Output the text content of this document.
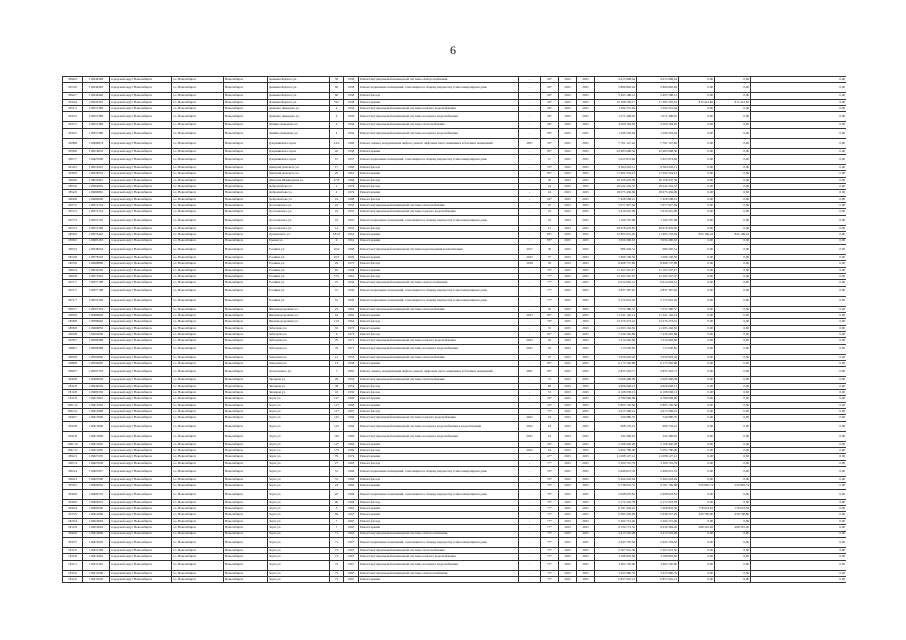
6
1896/2	118544398	городской округ Новосибирск	г.о. Новосибирск	Новосибирск	Демьяна Бедного ул.	58	1958	Ремонт внутридомовой инженерной системы электроснабжения	-	26*	2025	2025	4 615 908,44	4 615 908,44	0,00	0,00	0,00
1874/0	118544383	городской округ Новосибирск	г.о. Новосибирск	Новосибирск	Демьяна Бедного ул.	60	1958	Ремонт подвальных помещений, относящихся к общему имуществу в многоквартирном доме	-	26*	2025	2025	2 866 892,04	2 866 892,04	0,00	0,00	0,00
1894/7	118544406	городской округ Новосибирск	г.о. Новосибирск	Новосибирск	Демьяна Бедного ул.	60	1958	Ремонт фасада	-	26*	2025	2025	5 493 188,12	5 493 188,12	0,00	0,00	0,00
1834/4	118545322	городской округ Новосибирск	г.о. Новосибирск	Новосибирск	Демьяна Бедного ул.	54а	1958	Ремонт крыши	-	26*	2025	2025	12 198 783,17	11 385 370,35	813 412,82	813 412,82	0,00
1851/2	118257386	городской округ Новосибирск	г.о. Новосибирск	Новосибирск	Демьяна Давыдова ул.	4	1956	Ремонт внутридомовой инженерной системы горячего водоснабжения	-	96*	2025	2025	1 394 331,04	1 394 331,04	0,00	0,00	0,00
1835/2	118257386	городской округ Новосибирск	г.о. Новосибирск	Новосибирск	Демьяна Давыдова ул.	4	1956	Ремонт внутридомовой инженерной системы холодного водоснабжения	-	96*	2025	2025	1 071 498,45	1 071 498,45	0,00	0,00	0,00
1837/5	118257386	городской округ Новосибирск	г.о. Новосибирск	Новосибирск	Дёмина Давыдова ул.	4	1956	Ремонт внутридомовой инженерной системы теплоснабжения	-	96*	2025	2025	4 509 184,95	4 509 184,95	0,00	0,00	0,00
1832/5	118257386	городской округ Новосибирск	г.о. Новосибирск	Новосибирск	Дёмина Давыдова ул.	4	1956	Ремонт внутридомовой инженерной системы холодного водоснабжения	-	96*	2025	2025	1 296 563,04	1 296 563,04	0,00	0,00	0,00
1908/8	118498974	городской округ Новосибирск	г.о. Новосибирск	Новосибирск	Дзержинского пр-кт	14/2	1960	Ремонт, замена, модернизация лифтов, ремонт лифтовых шахт, машинных и блочных помещений	2037	35*	2025	2025	7 701 127,42	7 701 127,42	0,00	0,00	0,00
1858/6	118519033	городской округ Новосибирск	г.о. Новосибирск	Новосибирск	Дзержинского пр-кт	42	1958	Ремонт крыши	-	83*	2025	2025	22 983 668,36	22 983 668,36	0,00	0,00	0,00
1807/7	118427099	городской округ Новосибирск	г.о. Новосибирск	Новосибирск	Дзержинского пр-кт	67	1957	Ремонт подвальных помещений, относящихся к общему имуществу в многоквартирном доме	-	4*	2025	2025	5 625 874,66	5 625 874,66	0,00	0,00	0,00
1819/2	118519261	городской округ Новосибирск	г.о. Новосибирск	Новосибирск	Дмитрия Донского ул.	17	1960	Ремонт фасада	-	76*	2025	2025	9 594 205,11	9 594 205,11	0,00	0,00	0,00
1838/9	118528552	городской округ Новосибирск	г.о. Новосибирск	Новосибирск	Дмитрия Донского ул.	26	1961	Ремонт крыши	-	83*	2025	2025	11 092 354,23	11 092 354,23	0,00	0,00	0,00
1806/6	118626391	городской округ Новосибирск	г.о. Новосибирск	Новосибирск	Дмитрия Шамшурина ул.	47/8	1968	Ремонт фасада	-	58	2023	2025	18 109 470,39	18 109 470,39	0,00	0,00	0,00
1805/6	118262602	городской округ Новосибирск	г.о. Новосибирск	Новосибирск	Добролюбова ул.	2	1974	Ремонт фасада	-	24	2022	2025	18 242 232,37	18 242 232,37	0,00	0,00	0,00
1852/6	118486891	городской округ Новосибирск	г.о. Новосибирск	Новосибирск	Добролюбова ул.	2	1974	Ремонт крыши	-	24	2023	2025	18 075 456,09	18 075 456,09	0,00	0,00	0,00
1806/8	118480000	городской округ Новосибирск	г.о. Новосибирск	Новосибирск	Добролюбова ул.	16	1968	Ремонт фасада	-	26*	2025	2025	7 428 508,21	7 428 508,21	0,00	0,00	0,00
1827/5	118572154	городской округ Новосибирск	г.о. Новосибирск	Новосибирск	Достоевского ул.	16	1955	Ремонт внутридомовой инженерной системы теплоснабжения	-	25	2023	2025	5 977 927,94	5 977 927,94	0,00	0,00	0,00
1872/3	118572154	городской округ Новосибирск	г.о. Новосибирск	Новосибирск	Достоевского ул.	16	1955	Ремонт внутридомовой инженерной системы горячего водоснабжения	-	25	2023	2025	5 616 625,09	5 616 625,09	0,00	0,00	0,00
1877/3	118572155	городской округ Новосибирск	г.о. Новосибирск	Новосибирск	Достоевского ул.	16	1955	Ремонт подвальных помещений, относящихся к общему имуществу в многоквартирном доме	-	25	2023	2025	1 169 797,98	1 169 797,98	0,00	0,00	0,00
1872/3	118572180	городской округ Новосибирск	г.о. Новосибирск	Новосибирск	Достоевского ул.	14	1955	Ремонт фасада	-	21	2023	2025	28 678 476,95	28 678 476,95	0,00	0,00	0,00
1859/6	118574442	городской округ Новосибирск	г.о. Новосибирск	Новосибирск	Дунаевского ул.	18/10	1961	Ремонт крыши	-	83*	2025	2025	12 805 931,02	11 995 732,04	824 199,24	824 199,24	0,00
1808/2	118483181	городской округ Новосибирск	г.о. Новосибирск	Новосибирск	Ереван ул.	9	1961	Ремонт крыши	-	83*	2025	2025	3 056 390,63	3 056 390,63	0,00	0,00	0,00
1805/4	118548234	городской округ Новосибирск	г.о. Новосибирск	Новосибирск	Есенина ул.	16/2	1968	Ремонт внутридомовой инженерной системы водоотведения и канализации	2017	30	2022	2025	986 326,51	986 326,51	0,00	0,00	0,00
1872/8	118578243	городской округ Новосибирск	г.о. Новосибирск	Новосибирск	Есенина ул.	16/3	2000	Ремонт крыши	2025	3*	2025	2025	1 999 158,50	1 999 158,50	0,00	0,00	0,00
1863/6	118498869	городской округ Новосибирск	г.о. Новосибирск	Новосибирск	Есенина ул.	29	1975	Ремонт фасада	2038	59	2025	2025	8 668 737,99	8 668 737,99	0,00	0,00	0,00
1882/4	118636102	городской округ Новосибирск	г.о. Новосибирск	Новосибирск	Есенина ул.	65	1966	Ремонт крыши	-	76*	2025	2025	11 163 347,97	11 163 347,97	0,00	0,00	0,00
1862/8	118577662	городской округ Новосибирск	г.о. Новосибирск	Новосибирск	Есенина ул.	53/1	1961	Ремонт фасада	-	77*	2025	2025	12 593 347,07	12 593 347,07	0,00	0,00	0,00
1871/7	118577198	городской округ Новосибирск	г.о. Новосибирск	Новосибирск	Есенина ул.	25	1959	Ремонт внутридомовой инженерной системы электроснабжения	-	77*	2025	2025	6 914 063,12	6 914 063,12	0,00	0,00	0,00
1871/7	118577198	городской округ Новосибирск	г.о. Новосибирск	Новосибирск	Есенина ул.	57	1959	Ремонт подвальных помещений, относящихся к общему имуществу в многоквартирном доме	-	77*	2025	2025	2 837 397,62	2 837 397,62	0,00	0,00	0,00
1871/7	118574196	городской округ Новосибирск	г.о. Новосибирск	Новосибирск	Есенина ул.	57	1959	Ремонт подвальных помещений, относящихся к общему имуществу в многоквартирном доме	-	77*	2025	2025	5 172 616,45	5 172 616,45	0,00	0,00	0,00
1893/7	118567334	городской округ Новосибирск	г.о. Новосибирск	Новосибирск	Железнодорожная ул.	24	1962	Ремонт внутридомовой инженерной системы теплоснабжения	-	26	2025	2025	7 072 380,57	7 072 380,57	0,00	0,00	0,00
1809/9	118480904	городской округ Новосибирск	г.о. Новосибирск	Новосибирск	Железнодорожная ул.	16	1962	Ремонт крыши	2023	83*	2025	2025	11 541 102,14	11 541 102,14	0,00	0,00	0,00
1808/8	118386062	городской округ Новосибирск	г.о. Новосибирск	Новосибирск	Железнодорожная ул.	11/2	1964	Ремонт фасада	-	76*	2025	2025	13 276 273,41	13 276 273,41	0,00	0,00	0,00
1808/8	118490659	городской округ Новосибирск	г.о. Новосибирск	Новосибирск	Забалуева ул.	33	1974	Ремонт крыши	-	55	2025	2025	11 093 162,36	11 093 162,36	0,00	0,00	0,00
1806/8	118502000	городской округ Новосибирск	г.о. Новосибирск	Новосибирск	Забалуева ул.	6	1973	Ремонт фасада	-	81*	2025	2025	7 236 265,89	7 236 265,89	0,00	0,00	0,00
1878/7	118589588	городской округ Новосибирск	г.о. Новосибирск	Новосибирск	Забалуева ул.	79	1971	Ремонт внутридомовой инженерной системы горячего водоснабжения	2022	26	2023	2025	1 314 092,60	1 314 092,60	0,00	0,00	0,00
1888/7	118589588	городской округ Новосибирск	г.о. Новосибирск	Новосибирск	Забалуева ул.	79	1971	Ремонт внутридомовой инженерной системы холодного водоснабжения	2022	26	2023	2025	713 630,85	713 630,85	0,00	0,00	0,00
1809/9	118590966	городской округ Новосибирск	г.о. Новосибирск	Новосибирск	Заводская ул.	12	1953	Ремонт внутридомовой инженерной системы теплоснабжения	-	25	2023	2025	3 659 093,43	3 659 093,43	0,00	0,00	0,00
1888/8	118594685	городской округ Новосибирск	г.о. Новосибирск	Новосибирск	Заводская ул.	13	1958	Ремонт крыши	-	83*	2025	2025	6 175 562,98	6 175 562,98	0,00	0,00	0,00
1899/7	118597718	городской округ Новосибирск	г.о. Новосибирск	Новосибирск	Золотовского ул.	7	1965	Ремонт, замена, модернизация лифтов, ремонт лифтовых шахт, машинных и блочных помещений	2001	83*	2025	2025	2 855 563,71	2 855 563,71	0,00	0,00	0,00
1849/8	118480094	городской округ Новосибирск	г.о. Новосибирск	Новосибирск	Звездная ул.	28	1954	Ремонт внутридомовой инженерной системы теплоснабжения	-	75	2023	2025	2 006 498,09	2 006 498,09	0,00	0,00	0,00
1841/8	118434003	городской округ Новосибирск	г.о. Новосибирск	Новосибирск	Звездная ул.	38	1954	Ремонт фасада	-	80	2023	2025	4 906 048,13	4 906 048,13	0,00	0,00	0,00
1810/8	118480156	городской округ Новосибирск	г.о. Новосибирск	Новосибирск	Звездная ул.	43	1959	Ремонт фасада	-	53	2023	2025	6 108 038,13	6 108 038,13	0,00	0,00	0,00
1811/8	118413916	городской округ Новосибирск	г.о. Новосибирск	Новосибирск	Зорге ул.	127	1960	Ремонт крыши	-	26*	2025	2025	4 789 669,99	4 789 669,99	0,00	0,00	0,00
1841/12	118415202	городской округ Новосибирск	г.о. Новосибирск	Новосибирск	Зорге ул.	113	1968	Ремонт крыши	-	26*	2025	2025	6 805 156,60	6 805 156,60	0,00	0,00	0,00
1842/11	118414998	городской округ Новосибирск	г.о. Новосибирск	Новосибирск	Зорге ул.	117	1967	Ремонт фасада	-	75*	2025	2025	4 613 348,41	4 613 348,41	0,00	0,00	0,00
1846/7	118413906	городской округ Новосибирск	г.о. Новосибирск	Новосибирск	Зорге ул.	125	1966	Ремонт внутридомовой инженерной системы горячего водоснабжения	2022	24	2023	2025	540 080,76	540 080,76	0,00	0,00	0,00
1843/8	118413906	городской округ Новосибирск	г.о. Новосибирск	Новосибирск	Зорге ул.	125	1966	Ремонт внутридомовой инженерной системы холодного водоснабжения и водоотведения	2022	24	2023	2025	668 133,41	668 133,41	0,00	0,00	0,00
1841/8	118413909	городской округ Новосибирск	г.о. Новосибирск	Новосибирск	Зорге ул.	125	1966	Ремонт внутридомовой инженерной системы холодного водоснабжения	2022	24	2023	2025	342 469,81	342 469,81	0,00	0,00	0,00
1841/10	118413945	городской округ Новосибирск	г.о. Новосибирск	Новосибирск	Зорге ул.	127	1966	Ремонт крыши	-	26*	2025	2025	5 168 440,28	5 168 440,28	0,00	0,00	0,00
1841/11	118413205	городской округ Новосибирск	г.о. Новосибирск	Новосибирск	Зорге ул.	173	1969	Ремонт фасада	2022	24	2023	2025	5 002 780,00	5 002 780,00	0,00	0,00	0,00
1892/2	118407205	городской округ Новосибирск	г.о. Новосибирск	Новосибирск	Зорге ул.	79	1972	Ремонт крыши	-	47*	2025	2025	11 098 127,12	11 098 127,12	0,00	0,00	0,00
1807/4	118407630	городской округ Новосибирск	г.о. Новосибирск	Новосибирск	Зорге ул.	27	1965	Ремонт фасада	-	77*	2025	2025	5 300 701,79	5 300 701,79	0,00	0,00	0,00
1803/4	118407627	городской округ Новосибирск	г.о. Новосибирск	Новосибирск	Зорге ул.	31	1966	Ремонт подвальных помещений, относящихся к общему имуществу в многоквартирном доме	-	76*	2025	2025	2 699 615,33	2 699 615,33	0,00	0,00	0,00
1804/3	118407600	городской округ Новосибирск	г.о. Новосибирск	Новосибирск	Зорге ул.	31	1966	Ремонт фасада	-	76*	2025	2025	5 264 218,04	5 264 218,04	0,00	0,00	0,00
1850/5	118409562	городской округ Новосибирск	г.о. Новосибирск	Новосибирск	Зорге ул.	43	1966	Ремонт крыши	-	76*	2025	2025	9 738 632,72	9 181 766,98	556 865,74	556 865,74	0,00
1840/6	118409722	городской округ Новосибирск	г.о. Новосибирск	Новосибирск	Зорге ул.	45	1966	Ремонт подвальных помещений, относящихся к общему имуществу в многоквартирном доме	-	76*	2025	2025	2 698 618,81	2 698 618,81	0,00	0,00	0,00
1849/6	118409516	городской округ Новосибирск	г.о. Новосибирск	Новосибирск	Зорге ул.	49	1966	Ремонт фасада	-	76*	2025	2025	5 172 223,78	5 172 223,78	0,00	0,00	0,00
1844/4	118409506	городской округ Новосибирск	г.о. Новосибирск	Новосибирск	Зорге ул.	5	1965	Ремонт крыши	-	77*	2025	2025	8 187 456,22	7 408 832,39	778 623,83	778 623,83	0,00
1815/5	118410260	городской округ Новосибирск	г.о. Новосибирск	Новосибирск	Зорге ул.	69	1967	Ремонт крыши	-	75*	2025	2025	6 385 318,09	5 948 557,29	436 760,80	436 760,80	0,00
1820/4	118410003	городской округ Новосибирск	г.о. Новосибирск	Новосибирск	Зорге ул.	7	1965	Ремонт фасада	-	77*	2025	2025	5 204 715,40	5 204 715,40	0,00	0,00	0,00
1812/8	118410002	городской округ Новосибирск	г.о. Новосибирск	Новосибирск	Зорге ул.	7	1965	Ремонт крыши	-	77*	2025	2025	6 534 775,52	6 036 384,26	498 391,26	498 391,26	0,00
1842/6	118410006	городской округ Новосибирск	г.о. Новосибирск	Новосибирск	Зорге ул.	71	1965	Ремонт внутридомовой инженерной системы электроснабжения	-	75*	2025	2025	4 413 545,48	4 413 545,48	0,00	0,00	0,00
1843/7	118410520	городской округ Новосибирск	г.о. Новосибирск	Новосибирск	Зорге ул.	71	1967	Ремонт подвальных помещений, относящихся к общему имуществу в многоквартирном доме	-	75*	2025	2025	2 643 703,62	2 643 703,62	0,00	0,00	0,00
1811/0	118410186	городской округ Новосибирск	г.о. Новосибирск	Новосибирск	Зорге ул.	73	1967	Ремонт внутридомовой инженерной системы теплоснабжения	-	75*	2025	2025	2 307 641,30	2 307 641,30	0,00	0,00	0,00
1811/8	118414962	городской округ Новосибирск	г.о. Новосибирск	Новосибирск	Зорге ул.	73	1967	Ремонт внутридомовой инженерной системы горячего водоснабжения	-	75*	2025	2025	3 188 993,60	3 188 993,60	0,00	0,00	0,00
1811/1	118411192	городской округ Новосибирск	г.о. Новосибирск	Новосибирск	Зорге ул.	73	1967	Ремонт внутридомовой инженерной системы холодного водоснабжения	-	75*	2025	2025	3 462 720,00	3 462 720,00	0,00	0,00	0,00
1811/6	118411000	городской округ Новосибирск	г.о. Новосибирск	Новосибирск	Зорге ул.	73	1967	Ремонт внутридомовой инженерной системы электроснабжения	-	75*	2025	2025	3 423 986,70	3 423 986,70	0,00	0,00	0,00
1811/6	118411002	городской округ Новосибирск	г.о. Новосибирск	Новосибирск	Зорге ул.	75	1967	Ремонт крыши	-	75*	2025	2025	6 857 016,13	6 857 016,13	0,00	0,00	0,00
